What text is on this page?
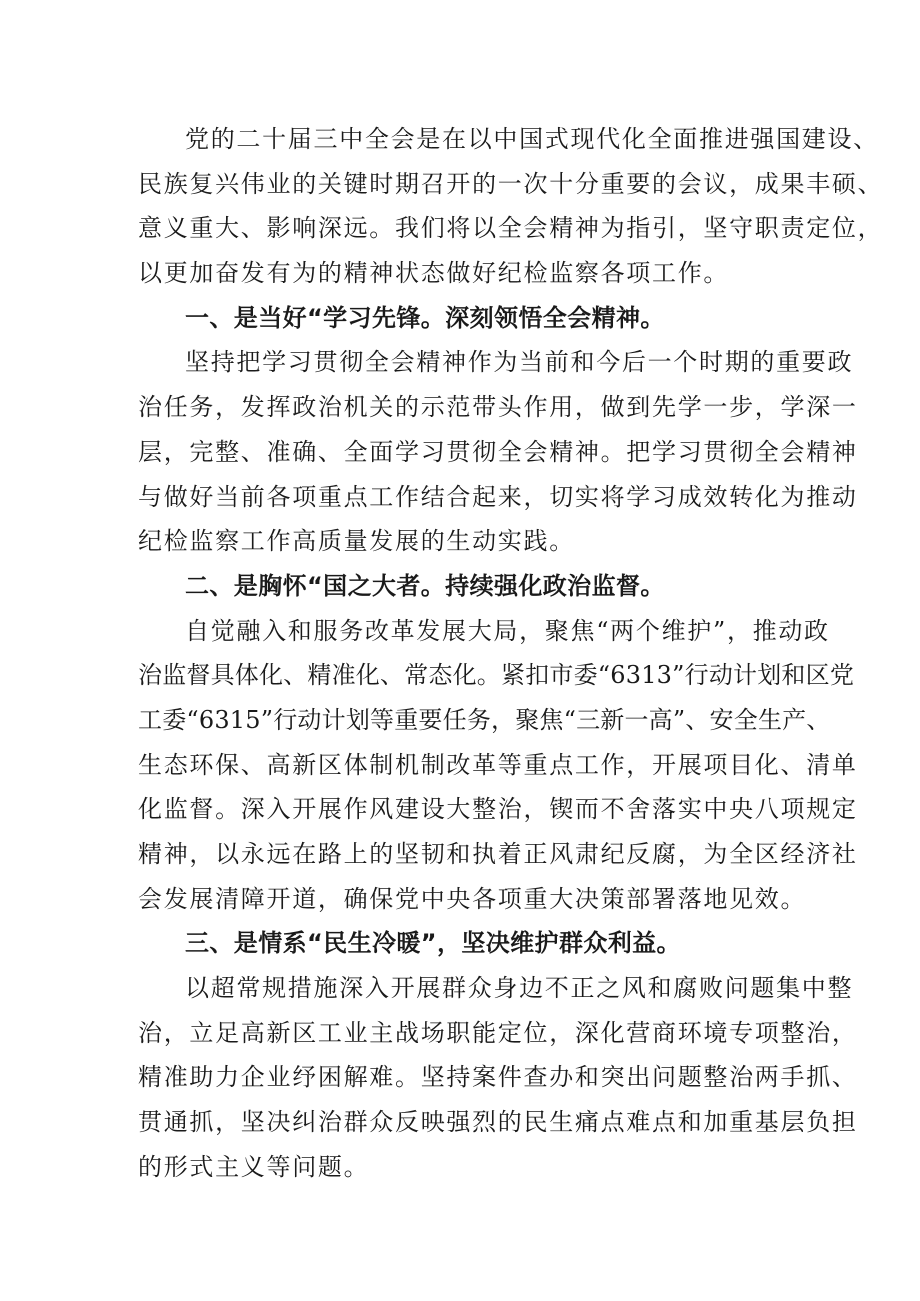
党的二十届三中全会是在以中国式现代化全面推进强国建设、
民族复兴伟业的关键时期召开的一次十分重要的会议，成果丰硕、
意义重大、影响深远。我们将以全会精神为指引，坚守职责定位，
以更加奋发有为的精神状态做好纪检监察各项工作。
一、是当好“学习先锋。深刻领悟全会精神。
坚持把学习贯彻全会精神作为当前和今后一个时期的重要政
治任务，发挥政治机关的示范带头作用，做到先学一步，学深一
层，完整、准确、全面学习贯彻全会精神。把学习贯彻全会精神
与做好当前各项重点工作结合起来，切实将学习成效转化为推动
纪检监察工作高质量发展的生动实践。
二、是胸怀“国之大者。持续强化政治监督。
自觉融入和服务改革发展大局，聚焦“两个维护”，推动政
治监督具体化、精准化、常态化。紧扣市委“6313”行动计划和区党
工委“6315”行动计划等重要任务，聚焦“三新一高”、安全生产、
生态环保、高新区体制机制改革等重点工作，开展项目化、清单
化监督。深入开展作风建设大整治，锲而不舍落实中央八项规定
精神，以永远在路上的坚韧和执着正风肃纪反腐，为全区经济社
会发展清障开道，确保党中央各项重大决策部署落地见效。
三、是情系“民生冷暖”，坚决维护群众利益。
以超常规措施深入开展群众身边不正之风和腐败问题集中整
治，立足高新区工业主战场职能定位，深化营商环境专项整治，
精准助力企业纾困解难。坚持案件查办和突出问题整治两手抓、
贯通抓，坚决纠治群众反映强烈的民生痛点难点和加重基层负担
的形式主义等问题。
